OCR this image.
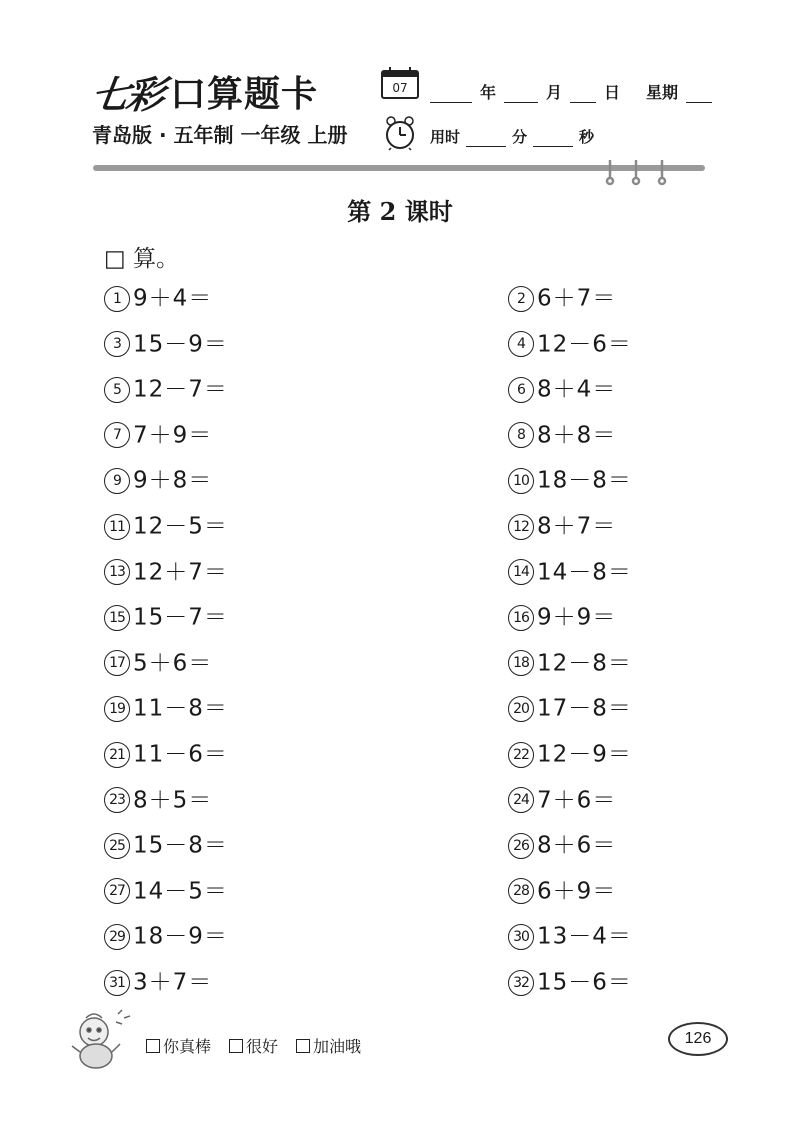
七彩 口算题卡	07	年	月	日 星期
青岛版 · 五年制 一年级 上册	用时	分	秒
第 2 课时
□ 算。
1 9＋4＝	2 6＋7＝
3 15－9＝	4 12－6＝
5 12－7＝	6 8＋4＝
7 7＋9＝	8 8＋8＝
9 9＋8＝	10 18－8＝
11 12－5＝	12 8＋7＝
13 12＋7＝	14 14－8＝
15 15－7＝	16 9＋9＝
17 5＋6＝	18 12－8＝
19 11－8＝	20 17－8＝
21 11－6＝	22 12－9＝
23 8＋5＝	24 7＋6＝
25 15－8＝	26 8＋6＝
27 14－5＝	28 6＋9＝
29 18－9＝	30 13－4＝
31 3＋7＝	32 15－6＝
你真棒 很好 加油哦	126
